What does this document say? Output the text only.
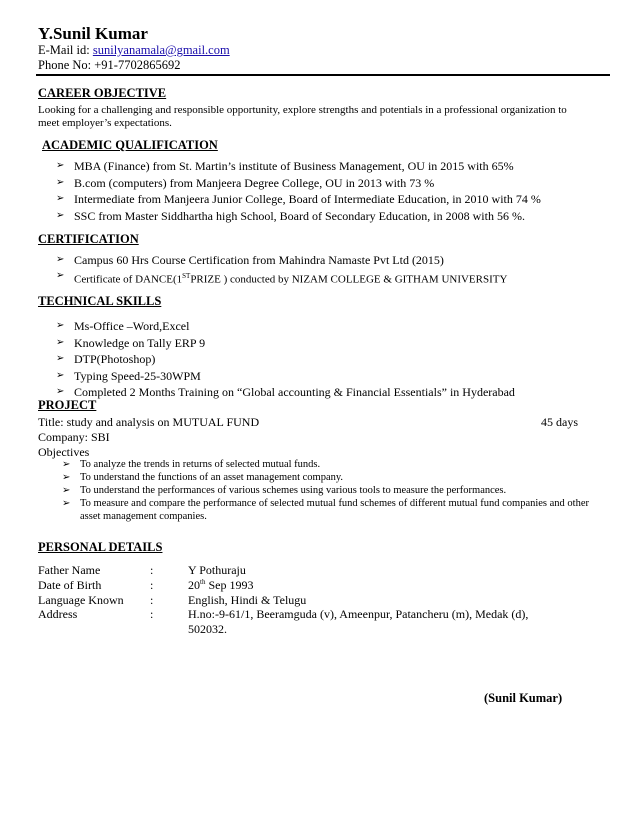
Y.Sunil Kumar
E-Mail id: sunilyanamala@gmail.com
Phone No: +91-7702865692
CAREER OBJECTIVE
Looking for a challenging and responsible opportunity, explore strengths and potentials in a professional organization to
meet employer’s expectations.
ACADEMIC QUALIFICATION
➢ MBA (Finance) from St. Martin’s institute of Business Management, OU in 2015 with 65%
➢ B.com (computers) from Manjeera Degree College, OU in 2013 with 73 %
➢ Intermediate from Manjeera Junior College, Board of Intermediate Education, in 2010 with 74 %
➢ SSC from Master Siddhartha high School, Board of Secondary Education, in 2008 with 56 %.
CERTIFICATION
➢ Campus 60 Hrs Course Certification from Mahindra Namaste Pvt Ltd (2015)
➢ Certificate of DANCE(1STPRIZE ) conducted by NIZAM COLLEGE & GITHAM UNIVERSITY
TECHNICAL SKILLS
➢ Ms-Office –Word,Excel
➢ Knowledge on Tally ERP 9
➢ DTP(Photoshop)
➢ Typing Speed-25-30WPM
➢ Completed 2 Months Training on “Global accounting & Financial Essentials” in Hyderabad
PROJECT
Title: study and analysis on MUTUAL FUND	45 days
Company: SBI
Objectives
➢ To analyze the trends in returns of selected mutual funds.
➢ To understand the functions of an asset management company.
➢ To understand the performances of various schemes using various tools to measure the performances.
➢ To measure and compare the performance of selected mutual fund schemes of different mutual fund companies and other asset management companies.
PERSONAL DETAILS
Father Name	:	Y Pothuraju
Date of Birth	:	20th Sep 1993
Language Known :	English, Hindi & Telugu
Address	:	H.no:-9-61/1, Beeramguda (v), Ameenpur, Patancheru (m), Medak (d),
502032.
(Sunil Kumar)
